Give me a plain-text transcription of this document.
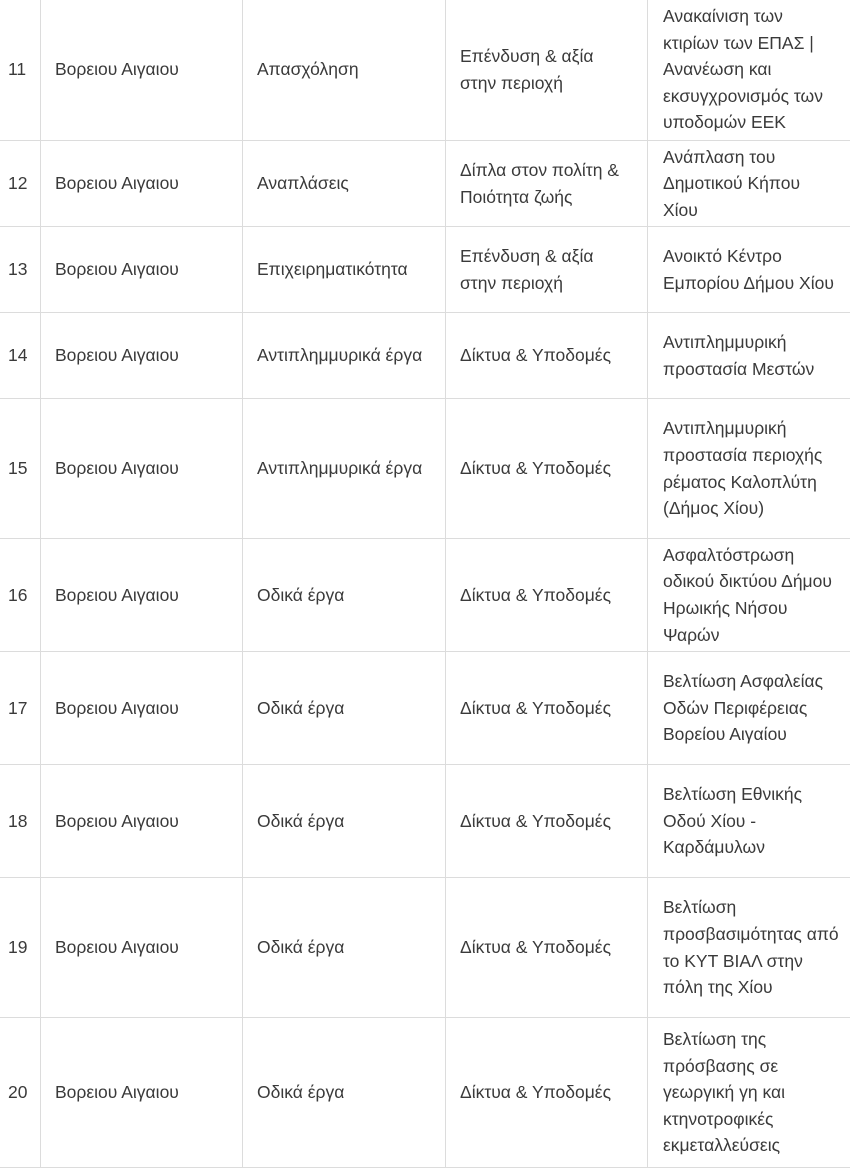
11	Βορειου Αιγαιου	Απασχόληση	Επένδυση & αξία στην περιοχή	Ανακαίνιση των κτιρίων των ΕΠΑΣ | Ανανέωση και εκσυγχρονισμός των υποδομών ΕΕΚ
12	Βορειου Αιγαιου	Αναπλάσεις	Δίπλα στον πολίτη & Ποιότητα ζωής	Ανάπλαση του Δημοτικού Κήπου Χίου
13	Βορειου Αιγαιου	Επιχειρηματικότητα	Επένδυση & αξία στην περιοχή	Ανοικτό Κέντρο Εμπορίου Δήμου Χίου
14	Βορειου Αιγαιου	Αντιπλημμυρικά έργα	Δίκτυα & Υποδομές	Αντιπλημμυρική προστασία Μεστών
15	Βορειου Αιγαιου	Αντιπλημμυρικά έργα	Δίκτυα & Υποδομές	Αντιπλημμυρική προστασία περιοχής ρέματος Καλοπλύτη (Δήμος Χίου)
16	Βορειου Αιγαιου	Οδικά έργα	Δίκτυα & Υποδομές	Ασφαλτόστρωση οδικού δικτύου Δήμου Ηρωικής Νήσου Ψαρών
17	Βορειου Αιγαιου	Οδικά έργα	Δίκτυα & Υποδομές	Βελτίωση Ασφαλείας Οδών Περιφέρειας Βορείου Αιγαίου
18	Βορειου Αιγαιου	Οδικά έργα	Δίκτυα & Υποδομές	Βελτίωση Εθνικής Οδού Χίου - Καρδάμυλων
19	Βορειου Αιγαιου	Οδικά έργα	Δίκτυα & Υποδομές	Βελτίωση προσβασιμότητας από το ΚΥΤ ΒΙΑΛ στην πόλη της Χίου
20	Βορειου Αιγαιου	Οδικά έργα	Δίκτυα & Υποδομές	Βελτίωση της πρόσβασης σε γεωργική γη και κτηνοτροφικές εκμεταλλεύσεις
